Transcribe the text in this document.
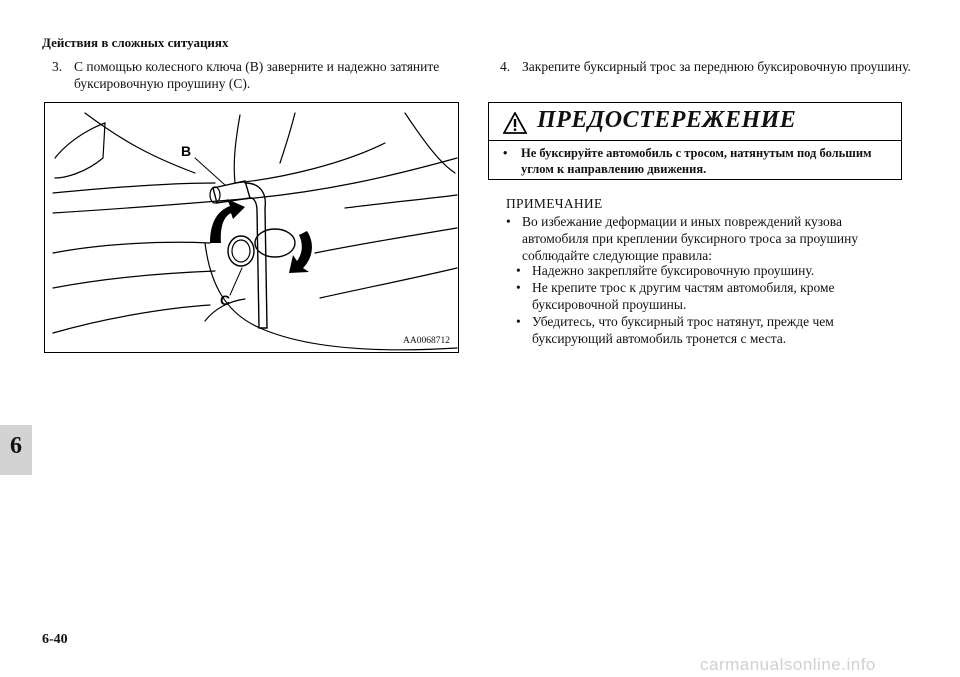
Действия в сложных ситуациях
3. С помощью колесного ключа (B) заверните и надежно затяните буксировочную проушину (C).
B
C
AA0068712
4. Закрепите буксирный трос за переднюю буксировочную проушину.
ПРЕДОСТЕРЕЖЕНИЕ
• Не буксируйте автомобиль с тросом, натянутым под большим углом к направлению движения.
ПРИМЕЧАНИЕ
• Во избежание деформации и иных повреждений кузова автомобиля при креплении буксирного троса за проушину соблюдайте следующие правила:
• Надежно закрепляйте буксировочную проушину.
• Не крепите трос к другим частям автомобиля, кроме буксировочной проушины.
• Убедитесь, что буксирный трос натянут, прежде чем буксирующий автомобиль тронется с места.
6
6-40
carmanualsonline.info
